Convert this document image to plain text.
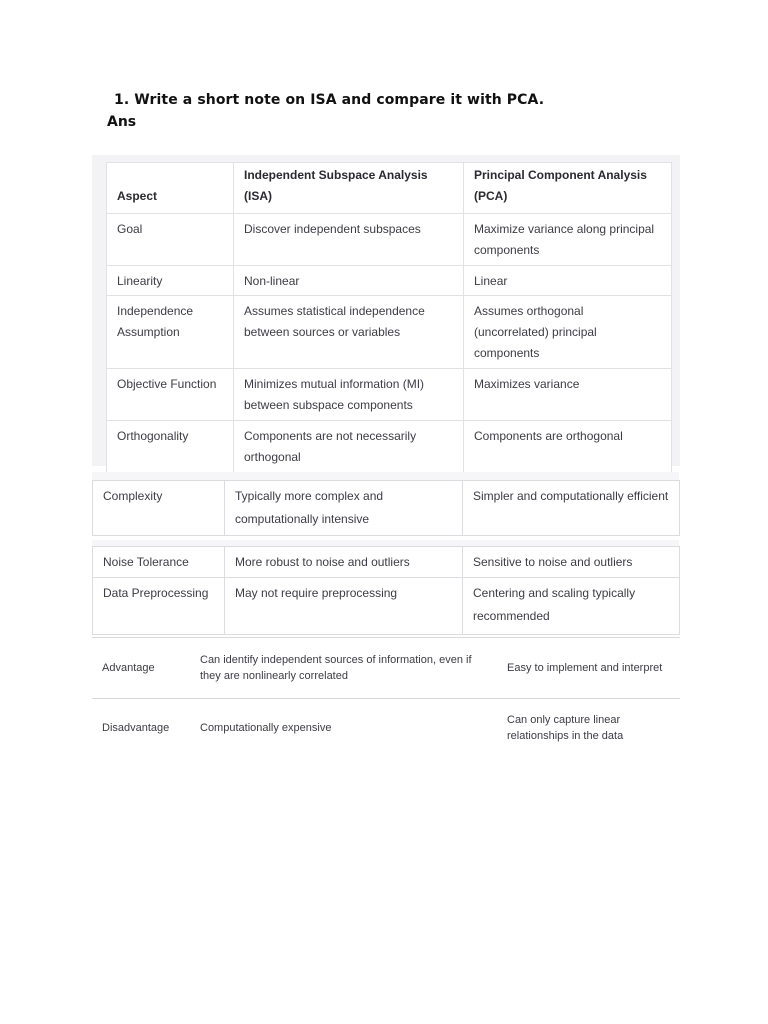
1. Write a short note on ISA and compare it with PCA.
Ans
Aspect	Independent Subspace Analysis (ISA)	Principal Component Analysis (PCA)
Goal	Discover independent subspaces	Maximize variance along principal components
Linearity	Non-linear	Linear
Independence Assumption	Assumes statistical independence between sources or variables	Assumes orthogonal (uncorrelated) principal components
Objective Function	Minimizes mutual information (MI) between subspace components	Maximizes variance
Orthogonality	Components are not necessarily orthogonal	Components are orthogonal
Complexity	Typically more complex and computationally intensive	Simpler and computationally efficient
Noise Tolerance	More robust to noise and outliers	Sensitive to noise and outliers
Data Preprocessing	May not require preprocessing	Centering and scaling typically recommended
Advantage	Can identify independent sources of information, even if they are nonlinearly correlated	Easy to implement and interpret
Disadvantage	Computationally expensive	Can only capture linear relationships in the data
